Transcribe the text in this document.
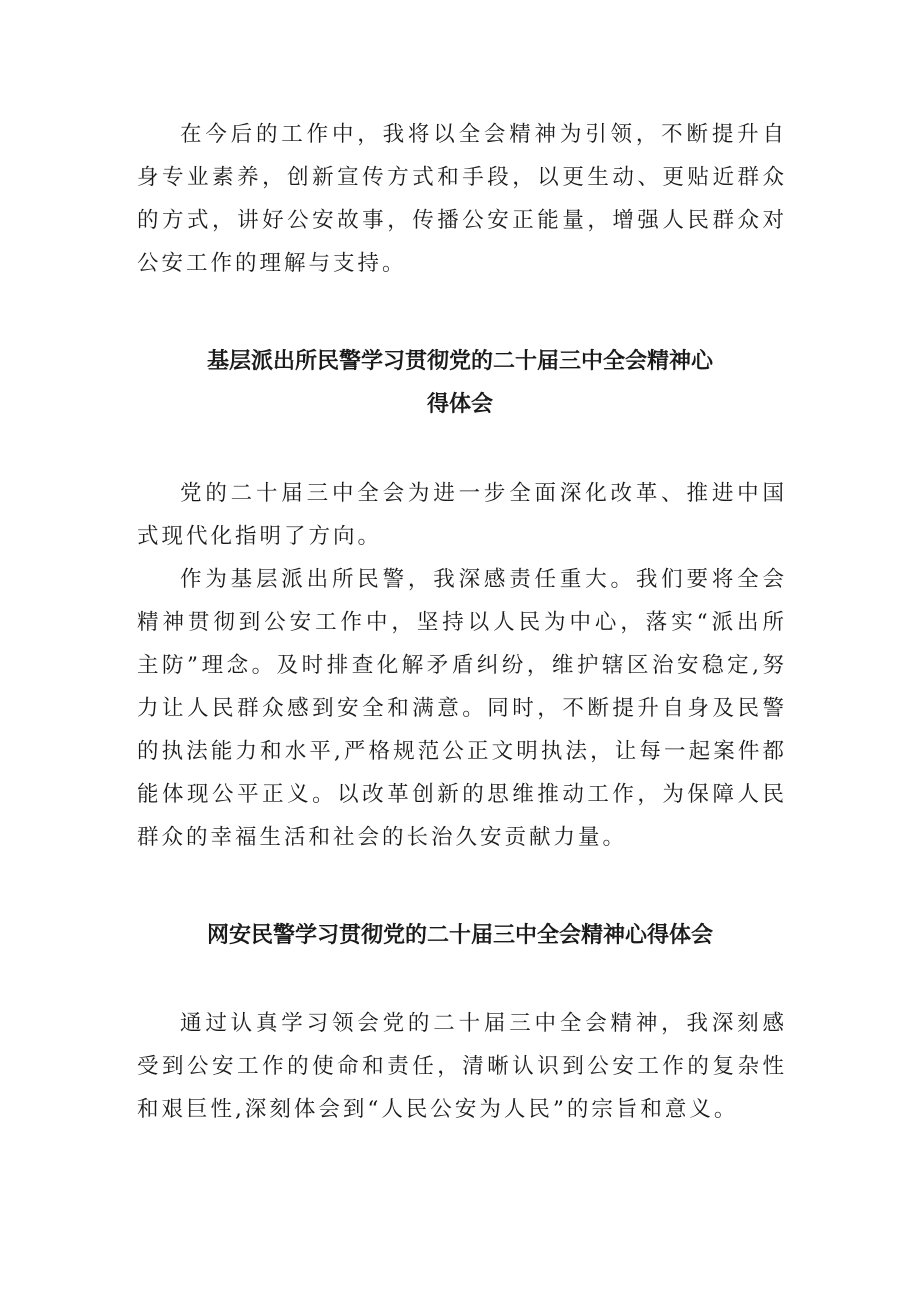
在今后的工作中，我将以全会精神为引领，不断提升自身专业素养，创新宣传方式和手段，以更生动、更贴近群众的方式，讲好公安故事，传播公安正能量，增强人民群众对公安工作的理解与支持。

基层派出所民警学习贯彻党的二十届三中全会精神心
得体会

党的二十届三中全会为进一步全面深化改革、推进中国式现代化指明了方向。

作为基层派出所民警，我深感责任重大。我们要将全会精神贯彻到公安工作中，坚持以人民为中心，落实“派出所主防”理念。及时排查化解矛盾纠纷，维护辖区治安稳定,努力让人民群众感到安全和满意。同时，不断提升自身及民警的执法能力和水平,严格规范公正文明执法，让每一起案件都能体现公平正义。以改革创新的思维推动工作，为保障人民群众的幸福生活和社会的长治久安贡献力量。

网安民警学习贯彻党的二十届三中全会精神心得体会

通过认真学习领会党的二十届三中全会精神，我深刻感受到公安工作的使命和责任，清晰认识到公安工作的复杂性和艰巨性,深刻体会到“人民公安为人民”的宗旨和意义。
